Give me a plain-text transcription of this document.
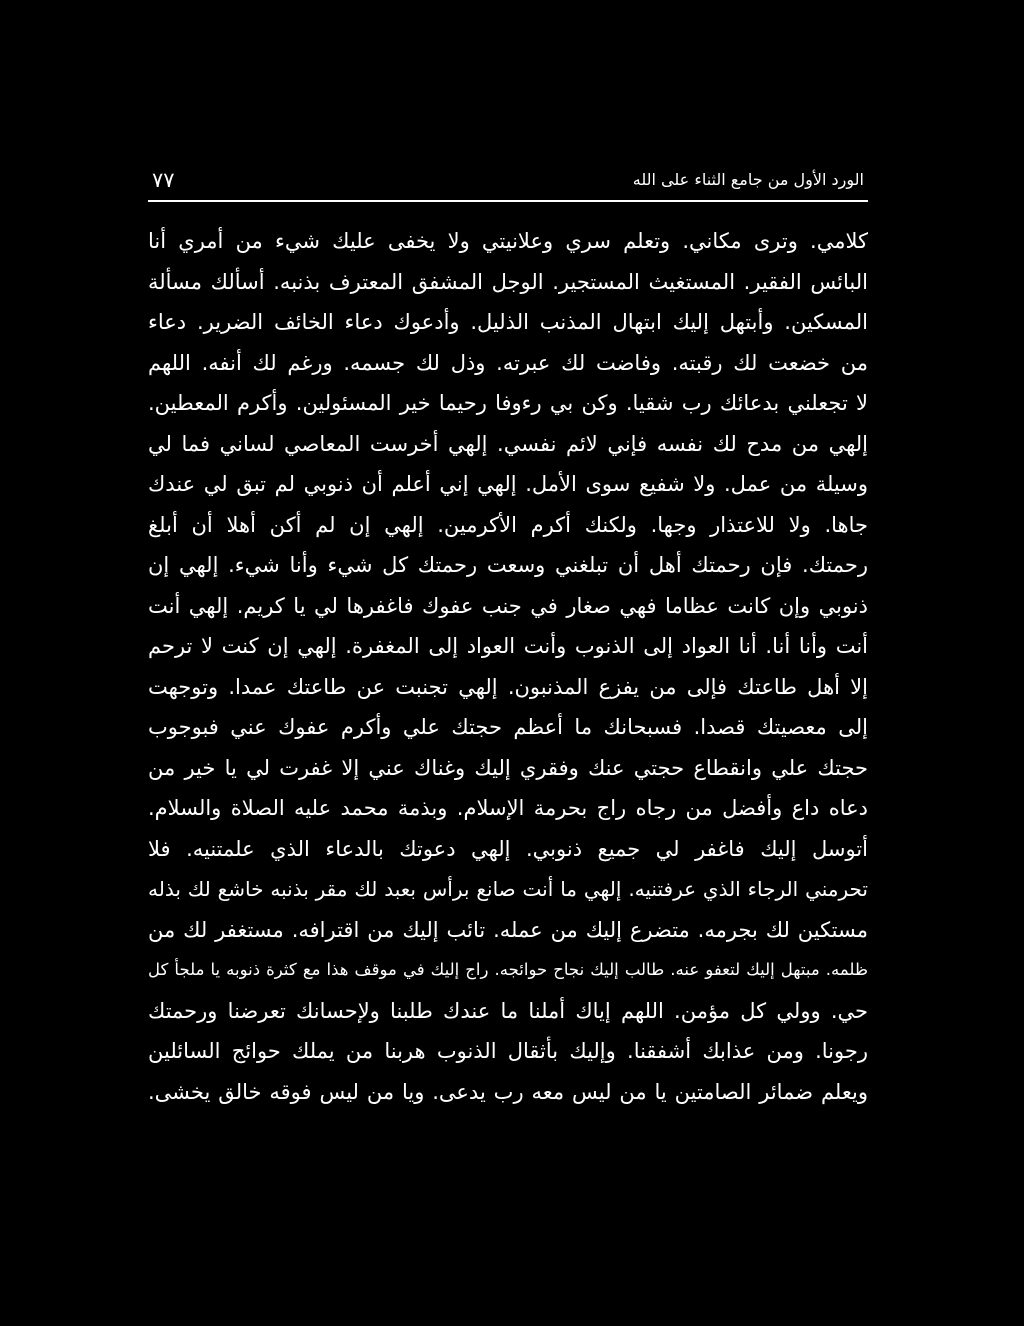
٧٧	الورد الأول من جامع الثناء على الله
كلامي. وترى مكاني. وتعلم سري وعلانيتي ولا يخفى عليك شيء من أمري أنا
البائس الفقير. المستغيث المستجير. الوجل المشفق المعترف بذنبه. أسألك مسألة
المسكين. وأبتهل إليك ابتهال المذنب الذليل. وأدعوك دعاء الخائف الضرير. دعاء
من خضعت لك رقبته. وفاضت لك عبرته. وذل لك جسمه. ورغم لك أنفه. اللهم
لا تجعلني بدعائك رب شقيا. وكن بي رءوفا رحيما خير المسئولين. وأكرم المعطين.
إلهي من مدح لك نفسه فإني لائم نفسي. إلهي أخرست المعاصي لساني فما لي
وسيلة من عمل. ولا شفيع سوى الأمل. إلهي إني أعلم أن ذنوبي لم تبق لي عندك
جاها. ولا للاعتذار وجها. ولكنك أكرم الأكرمين. إلهي إن لم أكن أهلا أن أبلغ
رحمتك. فإن رحمتك أهل أن تبلغني وسعت رحمتك كل شيء وأنا شيء. إلهي إن
ذنوبي وإن كانت عظاما فهي صغار في جنب عفوك فاغفرها لي يا كريم. إلهي أنت
أنت وأنا أنا. أنا العواد إلى الذنوب وأنت العواد إلى المغفرة. إلهي إن كنت لا ترحم
إلا أهل طاعتك فإلى من يفزع المذنبون. إلهي تجنبت عن طاعتك عمدا. وتوجهت
إلى معصيتك قصدا. فسبحانك ما أعظم حجتك علي وأكرم عفوك عني فبوجوب
حجتك علي وانقطاع حجتي عنك وفقري إليك وغناك عني إلا غفرت لي يا خير من
دعاه داع وأفضل من رجاه راج بحرمة الإسلام. وبذمة محمد عليه الصلاة والسلام.
أتوسل إليك فاغفر لي جميع ذنوبي. إلهي دعوتك بالدعاء الذي علمتنيه. فلا
تحرمني الرجاء الذي عرفتنيه. إلهي ما أنت صانع برأس بعبد لك مقر بذنبه خاشع لك بذله
مستكين لك بجرمه. متضرع إليك من عمله. تائب إليك من اقترافه. مستغفر لك من
ظلمه. مبتهل إليك لتعفو عنه. طالب إليك نجاح حوائجه. راج إليك في موقف هذا مع كثرة ذنوبه يا ملجأ كل
حي. وولي كل مؤمن. اللهم إياك أملنا ما عندك طلبنا ولإحسانك تعرضنا ورحمتك
رجونا. ومن عذابك أشفقنا. وإليك بأثقال الذنوب هربنا من يملك حوائج السائلين
ويعلم ضمائر الصامتين يا من ليس معه رب يدعى. ويا من ليس فوقه خالق يخشى.
